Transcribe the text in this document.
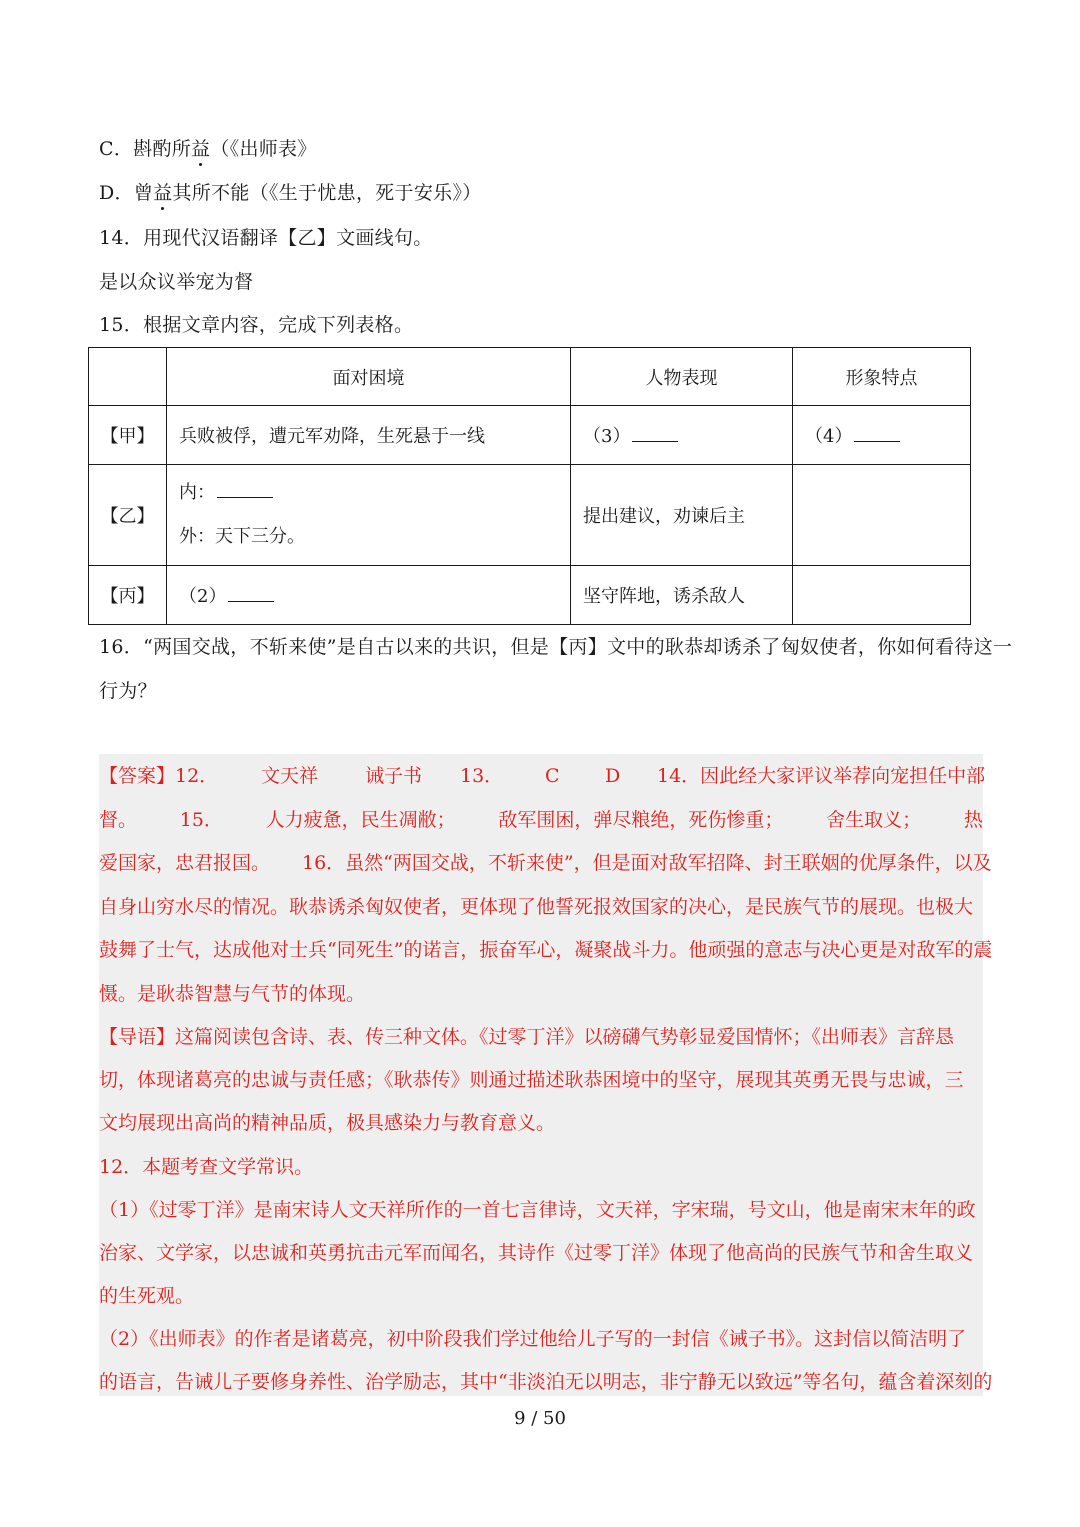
C．斟酌所益（《出师表》
D．曾益其所不能（《生于忧患，死于安乐》）
14．用现代汉语翻译【乙】文画线句。
是以众议举宠为督
15．根据文章内容，完成下列表格。
	面对困境	人物表现	形象特点
【甲】	兵败被俘，遭元军劝降，生死悬于一线	（3）	（4）
【乙】	内：
外：天下三分。	提出建议，劝谏后主	
【丙】	（2）	坚守阵地，诱杀敌人	
16．“两国交战，不斩来使”是自古以来的共识，但是【丙】文中的耿恭却诱杀了匈奴使者，你如何看待这一
行为？
【答案】12． 文天祥 诫子书 13． C D 14．因此经大家评议举荐向宠担任中部
督。 15． 人力疲惫，民生凋敝； 敌军围困，弹尽粮绝，死伤惨重； 舍生取义； 热
爱国家，忠君报国。 16．虽然“两国交战，不斩来使”，但是面对敌军招降、封王联姻的优厚条件，以及
自身山穷水尽的情况。耿恭诱杀匈奴使者，更体现了他誓死报效国家的决心，是民族气节的展现。也极大
鼓舞了士气，达成他对士兵“同死生”的诺言，振奋军心，凝聚战斗力。他顽强的意志与决心更是对敌军的震
慑。是耿恭智慧与气节的体现。
【导语】这篇阅读包含诗、表、传三种文体。《过零丁洋》以磅礴气势彰显爱国情怀；《出师表》言辞恳
切，体现诸葛亮的忠诚与责任感；《耿恭传》则通过描述耿恭困境中的坚守，展现其英勇无畏与忠诚，三
文均展现出高尚的精神品质，极具感染力与教育意义。
12．本题考查文学常识。
（1）《过零丁洋》是南宋诗人文天祥所作的一首七言律诗，文天祥，字宋瑞，号文山，他是南宋末年的政
治家、文学家，以忠诚和英勇抗击元军而闻名，其诗作《过零丁洋》体现了他高尚的民族气节和舍生取义
的生死观。
（2）《出师表》的作者是诸葛亮，初中阶段我们学过他给儿子写的一封信《诫子书》。这封信以简洁明了
的语言，告诫儿子要修身养性、治学励志，其中“非淡泊无以明志，非宁静无以致远”等名句，蕴含着深刻的
9 / 50
